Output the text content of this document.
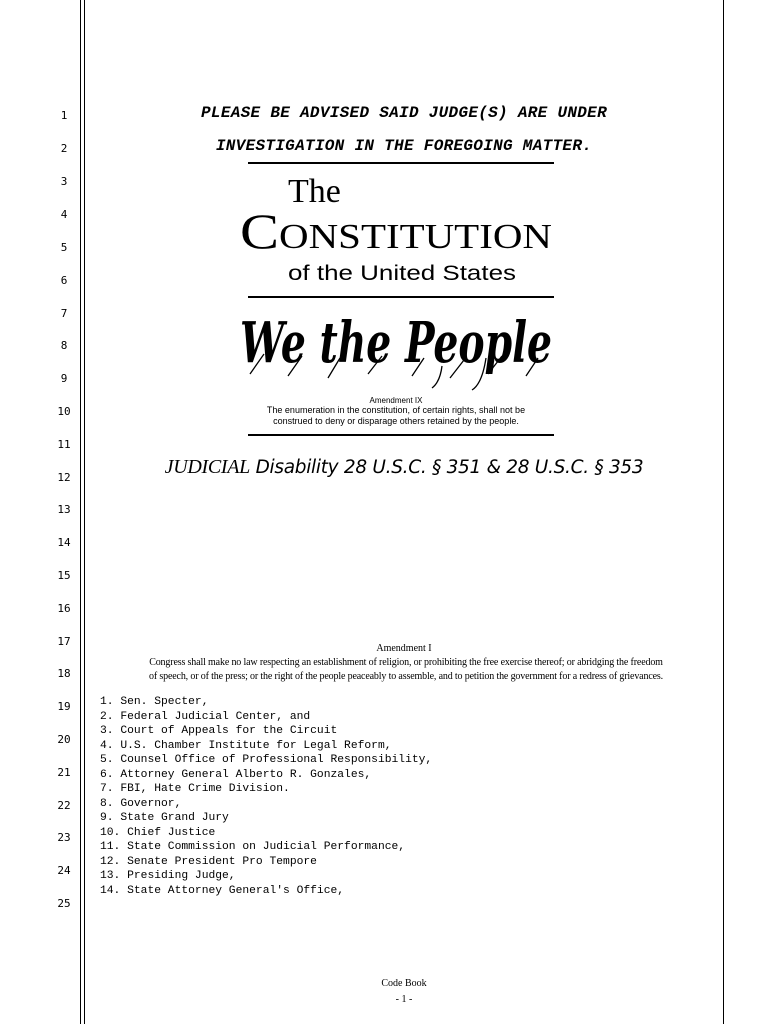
1
2
3
4
5
6
7
8
9
10
11
12
13
14
15
16
17
18
19
20
21
22
23
24
25
PLEASE BE ADVISED SAID JUDGE(S) ARE UNDER
INVESTIGATION IN THE FOREGOING MATTER.
The
Constitution
of the United States
We the People
Amendment IX
The enumeration in the constitution, of certain rights, shall not be
construed to deny or disparage others retained by the people.
JUDICIAL Disability 28 U.S.C. § 351 & 28 U.S.C. § 353
Amendment I
Congress shall make no law respecting an establishment of religion, or prohibiting the free exercise thereof; or abridging the freedom
of speech, or of the press; or the right of the people peaceably to assemble, and to petition the government for a redress of grievances.
1. Sen. Specter,
2. Federal Judicial Center, and
3. Court of Appeals for the Circuit
4. U.S. Chamber Institute for Legal Reform,
5. Counsel Office of Professional Responsibility,
6. Attorney General Alberto R. Gonzales,
7. FBI, Hate Crime Division.
8. Governor,
9. State Grand Jury
10. Chief Justice
11. State Commission on Judicial Performance,
12. Senate President Pro Tempore
13. Presiding Judge,
14. State Attorney General's Office,
Code Book
- 1 -
